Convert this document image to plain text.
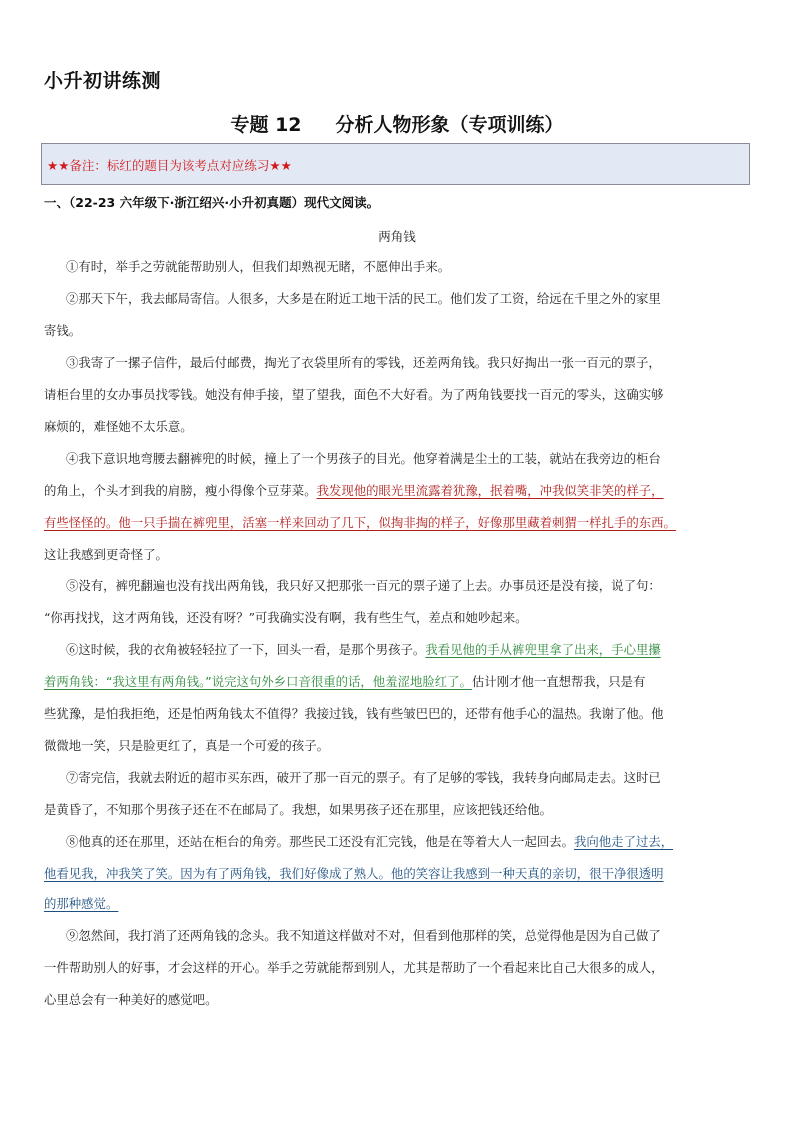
小升初讲练测
专题 12 分析人物形象（专项训练）
★★备注：标红的题目为该考点对应练习★★
一、（22-23 六年级下·浙江绍兴·小升初真题）现代文阅读。
两角钱
①有时，举手之劳就能帮助别人，但我们却熟视无睹，不愿伸出手来。
②那天下午，我去邮局寄信。人很多，大多是在附近工地干活的民工。他们发了工资，给远在千里之外的家里
寄钱。
③我寄了一摞子信件，最后付邮费，掏光了衣袋里所有的零钱，还差两角钱。我只好掏出一张一百元的票子，
请柜台里的女办事员找零钱。她没有伸手接，望了望我，面色不大好看。为了两角钱要找一百元的零头，这确实够
麻烦的，难怪她不太乐意。
④我下意识地弯腰去翻裤兜的时候，撞上了一个男孩子的目光。他穿着满是尘土的工装，就站在我旁边的柜台
的角上，个头才到我的肩膀，瘦小得像个豆芽菜。我发现他的眼光里流露着犹豫，抿着嘴，冲我似笑非笑的样子，
有些怪怪的。他一只手揣在裤兜里，活塞一样来回动了几下，似掏非掏的样子，好像那里藏着刺猬一样扎手的东西。
这让我感到更奇怪了。
⑤没有，裤兜翻遍也没有找出两角钱，我只好又把那张一百元的票子递了上去。办事员还是没有接，说了句：
“你再找找，这才两角钱，还没有呀？”可我确实没有啊，我有些生气，差点和她吵起来。
⑥这时候，我的衣角被轻轻拉了一下，回头一看，是那个男孩子。我看见他的手从裤兜里拿了出来，手心里攥
着两角钱：“我这里有两角钱。”说完这句外乡口音很重的话，他羞涩地脸红了。估计刚才他一直想帮我，只是有
些犹豫，是怕我拒绝，还是怕两角钱太不值得？我接过钱，钱有些皱巴巴的，还带有他手心的温热。我谢了他。他
微微地一笑，只是脸更红了，真是一个可爱的孩子。
⑦寄完信，我就去附近的超市买东西，破开了那一百元的票子。有了足够的零钱，我转身向邮局走去。这时已
是黄昏了，不知那个男孩子还在不在邮局了。我想，如果男孩子还在那里，应该把钱还给他。
⑧他真的还在那里，还站在柜台的角旁。那些民工还没有汇完钱，他是在等着大人一起回去。我向他走了过去，
他看见我，冲我笑了笑。因为有了两角钱，我们好像成了熟人。他的笑容让我感到一种天真的亲切，很干净很透明
的那种感觉。
⑨忽然间，我打消了还两角钱的念头。我不知道这样做对不对，但看到他那样的笑，总觉得他是因为自己做了
一件帮助别人的好事，才会这样的开心。举手之劳就能帮到别人，尤其是帮助了一个看起来比自己大很多的成人，
心里总会有一种美好的感觉吧。
